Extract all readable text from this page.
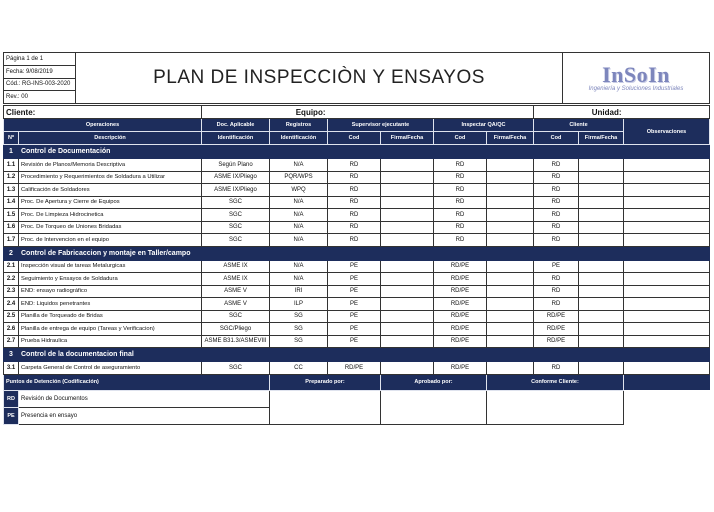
Página 1 de 1	PLAN DE INSPECCIÒN Y ENSAYOS	InSoIn
Ingeniería y Soluciones Industriales

Fecha: 9/08/2019
Cód.: RG-INS-003-2020
Rev.: 00
Cliente:		Equipo:						Unidad:		
Operaciones		Doc. Aplicable	Registros	Supervisor ejecutante		Inspectar QA/QC		Cliente		Observaciones
Nº	Descripción	Identificación	Identificación	Cod	Firma/Fecha	Cod	Firma/Fecha	Cod	Firma/Fecha	
1	Control de Documentación									
1.1	Revisión de Planos/Memoria Descriptiva	Según Plano	N/A	RD		RD		RD		
1.2	Procedimiento y Requerimientos de Soldadura a Utilizar	ASME IX/Pliego	PQR/WPS	RD		RD		RD		
1.3	Calificación de Soldadores	ASME IX/Pliego	WPQ	RD		RD		RD		
1.4	Proc. De Apertura y Cierre de Equipos	SGC	N/A	RD		RD		RD		
1.5	Proc. De Limpieza Hidrocinetica	SGC	N/A	RD		RD		RD		
1.6	Proc. De Torqueo de Uniones Bridadas	SGC	N/A	RD		RD		RD		
1.7	Proc. de Intervencion en el equipo	SGC	N/A	RD		RD		RD		
2	Control de Fabricaccion y montaje en Taller/campo									
2.1	Inspección visual de tareas Metalurgicas	ASME IX	N/A	PE		RD/PE		PE		
2.2	Seguimiento y Ensayos de Soldadura	ASME IX	N/A	PE		RD/PE		RD		
2.3	END: ensayo radiográfico	ASME V	IRI	PE		RD/PE		RD		
2.4	END: Liquidos penetrantes	ASME V	ILP	PE		RD/PE		RD		
2.5	Planilla de Torqueado de Bridas	SGC	SG	PE		RD/PE		RD/PE		
2.6	Planilla de entrega de equipo (Tareas y Verificacion)	SGC/Pliego	SG	PE		RD/PE		RD/PE		
2.7	Prueba Hidraulica	ASME B31.3/ASMEVIII	SG	PE		RD/PE		RD/PE		
3	Control de la documentacion final									
3.1	Carpeta General de Control de aseguramiento	SGC	CC	RD/PE		RD/PE		RD		
Puntos de Detención (Codificación)			Preparado por:		Aprobado por:		Conforme Cliente:			
RD	Revisión de Documentos									
PE	Presencia en ensayo									
